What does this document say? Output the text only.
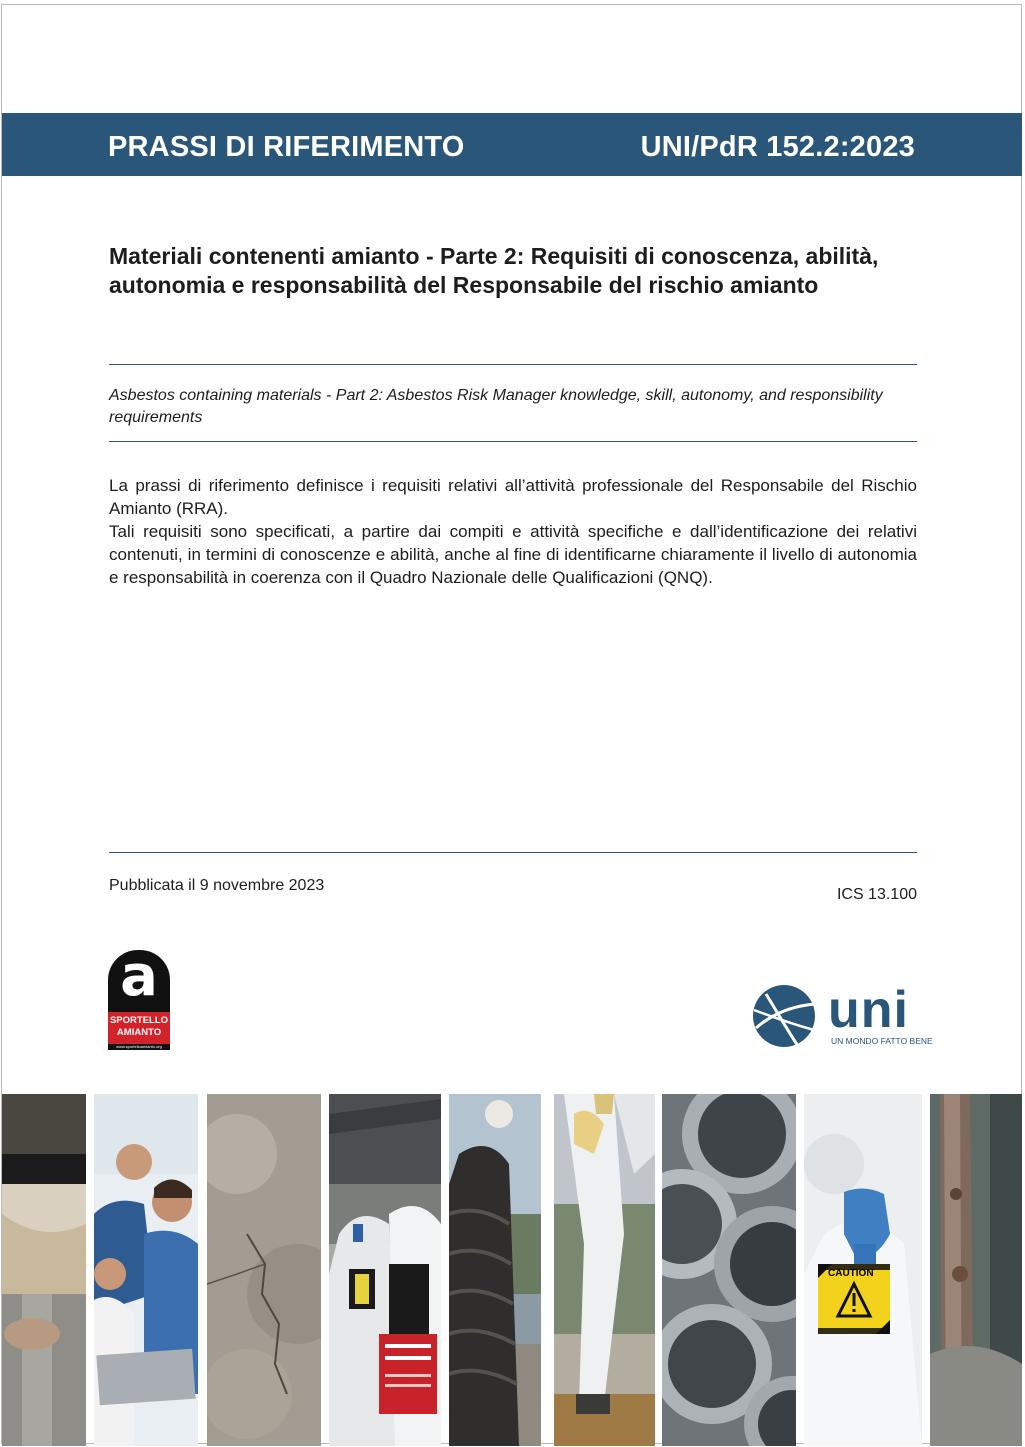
PRASSI DI RIFERIMENTO	UNI/PdR 152.2:2023
Materiali contenenti amianto - Parte 2: Requisiti di conoscenza, abilità, autonomia e responsabilità del Responsabile del rischio amianto
Asbestos containing materials - Part 2: Asbestos Risk Manager knowledge, skill, autonomy, and responsibility requirements

La prassi di riferimento definisce i requisiti relativi all’attività professionale del Responsabile del Rischio Amianto (RRA).

Tali requisiti sono specificati, a partire dai compiti e attività specifiche e dall’identificazione dei relativi contenuti, in termini di conoscenze e abilità, anche al fine di identificarne chiaramente il livello di autonomia e responsabilità in coerenza con il Quadro Nazionale delle Qualificazioni (QNQ).

Pubblicata il 9 novembre 2023
ICS 13.100
a
SPORTELLO
AMIANTO
www.sportelloamianto.org
uni
UN MONDO FATTO BENE
CAUTION
